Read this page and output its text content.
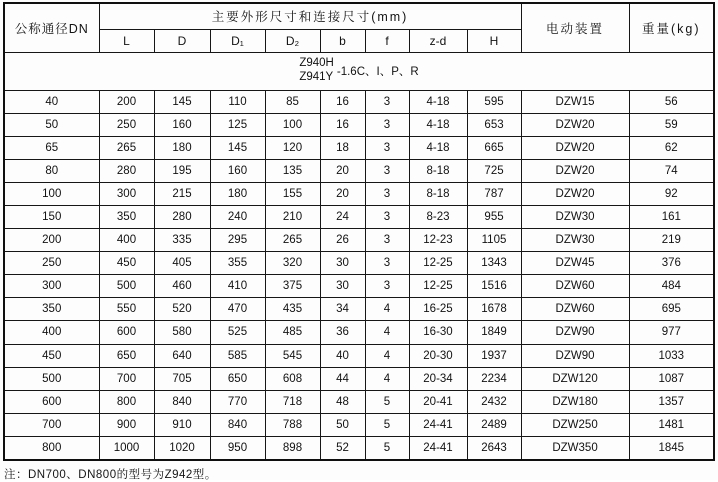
公称通径DN	主要外形尺寸和连接尺寸(mm)								电动装置	重量(kg)
	L	D	D₁	D₂	b	f	z-d	H		

Z940H
Z941Y -1.6C、I、P、R										

40	200	145	110	85	16	3	4-18	595	DZW15	56
50	250	160	125	100	16	3	4-18	653	DZW20	59
65	265	180	145	120	18	3	4-18	665	DZW20	62
80	280	195	160	135	20	3	8-18	725	DZW20	74
100	300	215	180	155	20	3	8-18	787	DZW20	92
150	350	280	240	210	24	3	8-23	955	DZW30	161
200	400	335	295	265	26	3	12-23	1105	DZW30	219
250	450	405	355	320	30	3	12-25	1343	DZW45	376
300	500	460	410	375	30	3	12-25	1516	DZW60	484
350	550	520	470	435	34	4	16-25	1678	DZW60	695
400	600	580	525	485	36	4	16-30	1849	DZW90	977
450	650	640	585	545	40	4	20-30	1937	DZW90	1033
500	700	705	650	608	44	4	20-34	2234	DZW120	1087
600	800	840	770	718	48	5	20-41	2432	DZW180	1357
700	900	910	840	788	50	5	24-41	2489	DZW250	1481
800	1000	1020	950	898	52	5	24-41	2643	DZW350	1845
注：DN700、DN800的型号为Z942型。
